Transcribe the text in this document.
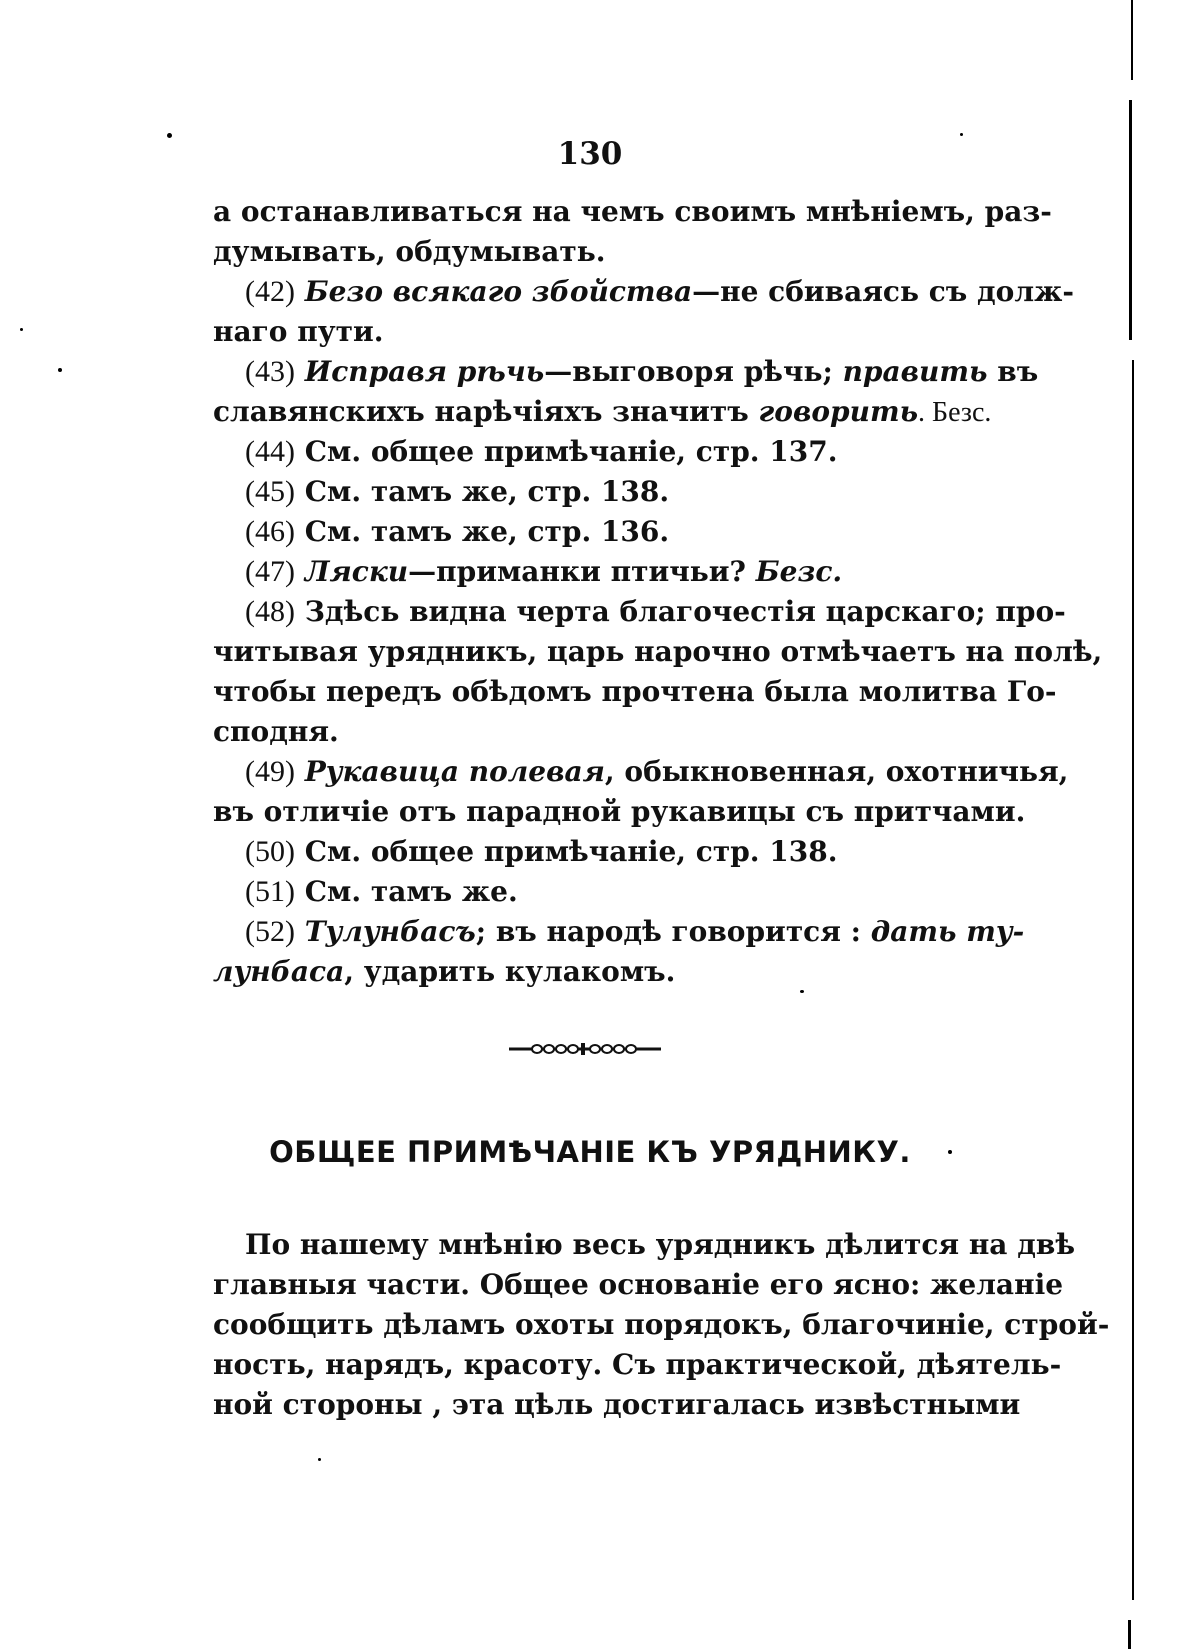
130
а останавливаться на чемъ своимъ мнѣніемъ, раз-
думывать, обдумывать.
(42) Безо всякаго збойства—не сбиваясь съ долж-
наго пути.
(43) Исправя рѣчь—выговоря рѣчь; править въ
славянскихъ нарѣчіяхъ значитъ говорить. Безс.
(44) См. общее примѣчаніе, стр. 137.
(45) См. тамъ же, стр. 138.
(46) См. тамъ же, стр. 136.
(47) Ляски—приманки птичьи? Безс.
(48) Здѣсь видна черта благочестія царскаго; про-
читывая урядникъ, царь нарочно отмѣчаетъ на полѣ,
чтобы передъ обѣдомъ прочтена была молитва Го-
сподня.
(49) Рукавица полевая, обыкновенная, охотничья,
въ отличіе отъ парадной рукавицы съ притчами.
(50) См. общее примѣчаніе, стр. 138.
(51) См. тамъ же.
(52) Тулунбасъ; въ народѣ говорится : дать ту-
лунбаса, ударить кулакомъ.
ОБЩЕЕ ПРИМѢЧАНІЕ КЪ УРЯДНИКУ.
По нашему мнѣнію весь урядникъ дѣлится на двѣ
главныя части. Общее основаніе его ясно: желаніе
сообщить дѣламъ охоты порядокъ, благочиніе, строй-
ность, нарядъ, красоту. Съ практической, дѣятель-
ной стороны , эта цѣль достигалась извѣстными
